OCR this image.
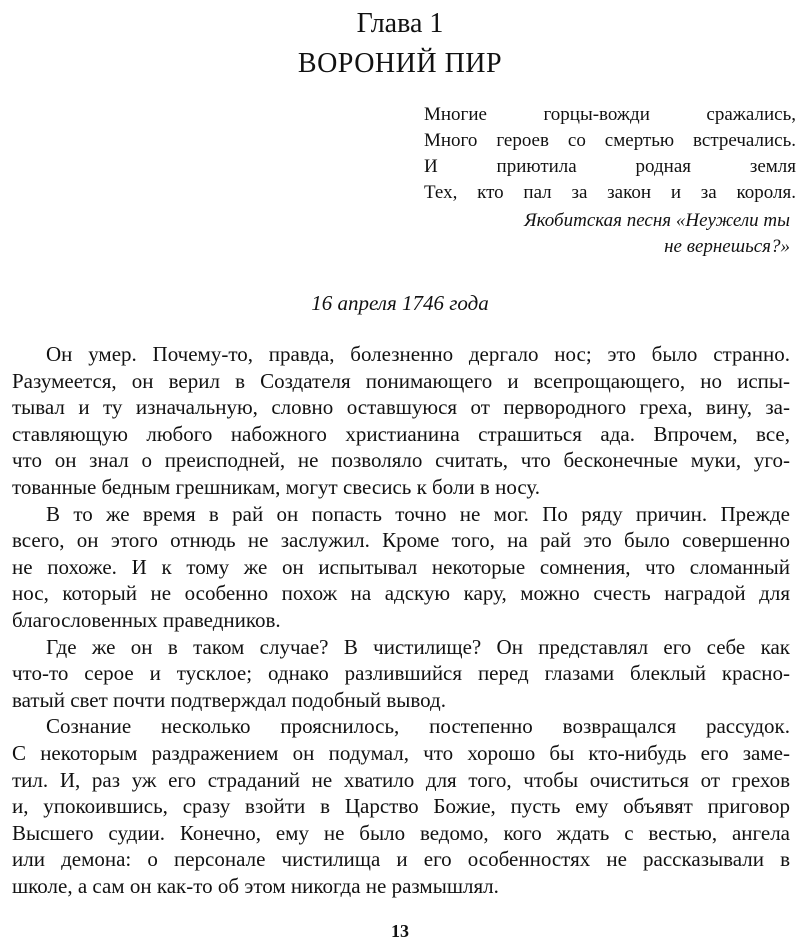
Глава 1
ВОРОНИЙ ПИР
Многие горцы-вожди сражались,
Много героев со смертью встречались.
И приютила родная земля
Тех, кто пал за закон и за короля.
Якобитская песня «Неужели ты
не вернешься?»
16 апреля 1746 года
Он умер. Почему-то, правда, болезненно дергало нос; это было странно.
Разумеется, он верил в Создателя понимающего и всепрощающего, но испы-
тывал и ту изначальную, словно оставшуюся от первородного греха, вину, за-
ставляющую любого набожного христианина страшиться ада. Впрочем, все,
что он знал о преисподней, не позволяло считать, что бесконечные муки, уго-
тованные бедным грешникам, могут свесись к боли в носу.
В то же время в рай он попасть точно не мог. По ряду причин. Прежде
всего, он этого отнюдь не заслужил. Кроме того, на рай это было совершенно
не похоже. И к тому же он испытывал некоторые сомнения, что сломанный
нос, который не особенно похож на адскую кару, можно счесть наградой для
благословенных праведников.
Где же он в таком случае? В чистилище? Он представлял его себе как
что-то серое и тусклое; однако разлившийся перед глазами блеклый красно-
ватый свет почти подтверждал подобный вывод.
Сознание несколько прояснилось, постепенно возвращался рассудок.
С некоторым раздражением он подумал, что хорошо бы кто-нибудь его заме-
тил. И, раз уж его страданий не хватило для того, чтобы очиститься от грехов
и, упокоившись, сразу взойти в Царство Божие, пусть ему объявят приговор
Высшего судии. Конечно, ему не было ведомо, кого ждать с вестью, ангела
или демона: о персонале чистилища и его особенностях не рассказывали в
школе, а сам он как-то об этом никогда не размышлял.
13
